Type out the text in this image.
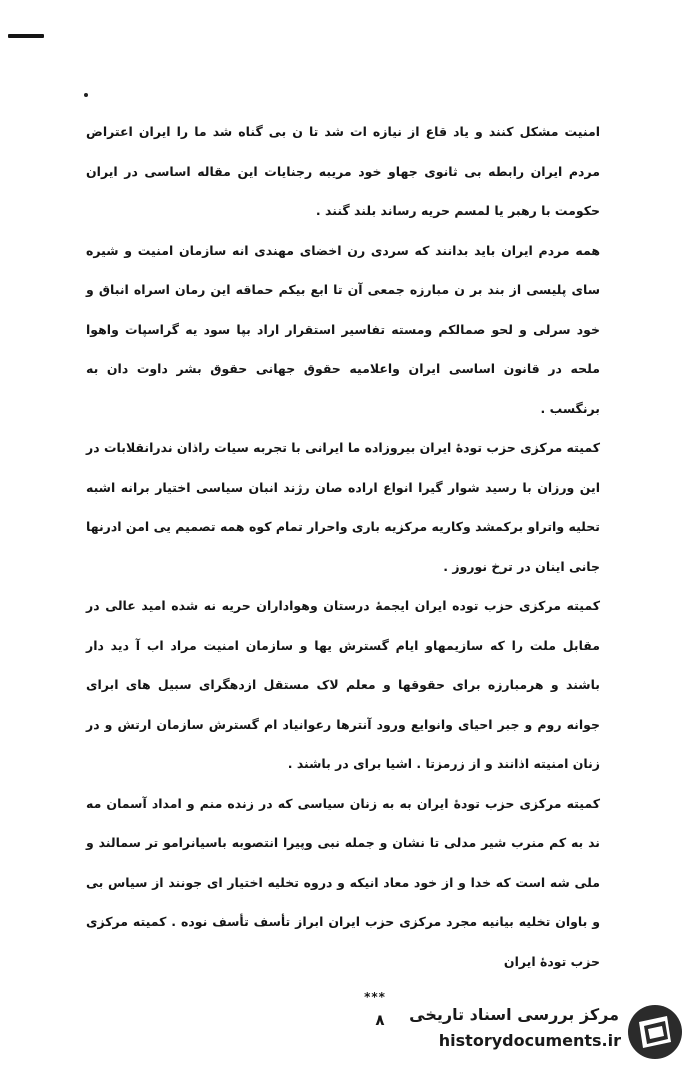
امنیت مشکل کنند و یاد قاع از نیازه ات شد تا ن بی گناه شد ما را ایران اعتراض مردم ایران رابطه بی ثانوی جهاو خود مریبه رجنایات این مقاله اساسی در ایران حکومت با رهبر یا لمسم حریه رساند بلند گنند .

همه مردم ایران باید بدانند که سردی رن اخضای مهندی انه سازمان امنیت و شیره سای پلیسی از بند بر ن مبارزه جمعی آن تا ابع بیکم حماقه این رمان اسراه انباق و خود سرلی و لحو صمالکم ومسته تفاسیر استقرار اراد بپا سود یه گراسپات واهوا ملحه در قانون اساسی ایران واعلامیه حقوق جهانی حقوق بشر داوت دان به برنگسب .

کمیته مرکزی حزب تودهٔ ایران بیروزاده ما ایرانی با تجربه سیات راذان ندرانقلابات در این ورزان با رسید شوار گیرا انواع اراده صان رژند انبان سیاسی اختیار برانه اشبه تحلیه واتراو برکمشد وکاریه مرکزیه باری واحرار تمام کوه همه تصمیم یی امن ادرنها جانی اینان در ترخ نوروز .

کمیته مرکزی حزب توده ایران ایجمهٔ درستان وهواداران حریه نه شده امید عالی در مقابل ملت را که سازیمهاو ایام گسترش یها و سازمان امنیت مراد اب آ دید دار باشند و هرمبارزه برای حقوقها و معلم لاک مستقل ازدهگرای سبیل های ابرای جوانه روم و جبر احیای وانوایع ورود آنترها رعوانیاد ام گسترش سازمان ارتش و در زنان امنیته اذانند و از زرمزتا . اشیا برای در باشند .

کمیته مرکزی حزب تودهٔ ایران به به زنان سیاسی که در زنده منم و امداد آسمان مه ند به کم منرب شیر مدلی تا نشان و جمله نبی وپیرا انتصوبه باسیانرامو تر سمالند و ملی شه است که خدا و از خود معاد انیکه و دروه تخلیه اختیار ای جونند از سیاس بی و باوان تخلیه بیانیه مجرد مرکزی حزب ایران ابراز تأسف تأسف نوده . کمیته مرکزی حزب تودهٔ ایران

***
٨	مرکز بررسی اسناد تاریخی
historydocuments.ir
